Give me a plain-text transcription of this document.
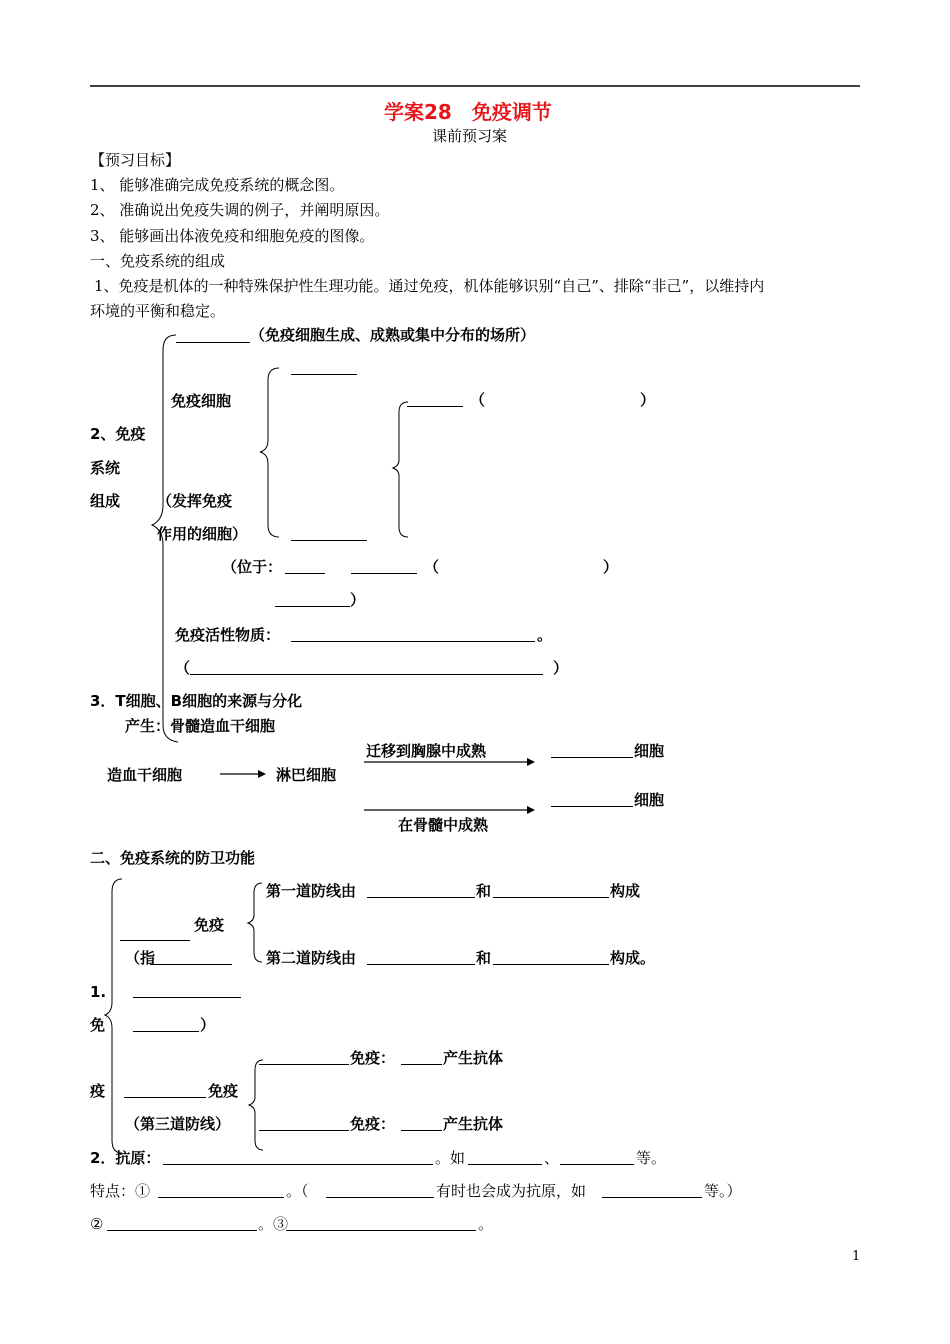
学案28　免疫调节
课前预习案
【预习目标】
1、 能够准确完成免疫系统的概念图。
2、 准确说出免疫失调的例子，并阐明原因。
3、 能够画出体液免疫和细胞免疫的图像。
一、免疫系统的组成
1、免疫是机体的一种特殊保护性生理功能。通过免疫，机体能够识别“自己”、排除“非己”，以维持内
环境的平衡和稳定。
（免疫细胞生成、成熟或集中分布的场所）
免疫细胞	（	）
2、免疫
系统
组成 （发挥免疫
作用的细胞）
（位于：	（	）
）
免疫活性物质：	。
（	）
3．T细胞、B细胞的来源与分化
产生：骨髓造血干细胞
迁移到胸腺中成熟	细胞
造血干细胞	淋巴细胞
细胞
在骨髓中成熟
二、免疫系统的防卫功能
第一道防线由	和	构成
免疫
（指	第二道防线由	和	构成。
1.
免	）
免疫：	产生抗体
疫	免疫
（第三道防线）	免疫：	产生抗体
2．抗原：	。如	、	等。
特点：①	。（	有时也会成为抗原，如	等。）
②	。③	。
1
